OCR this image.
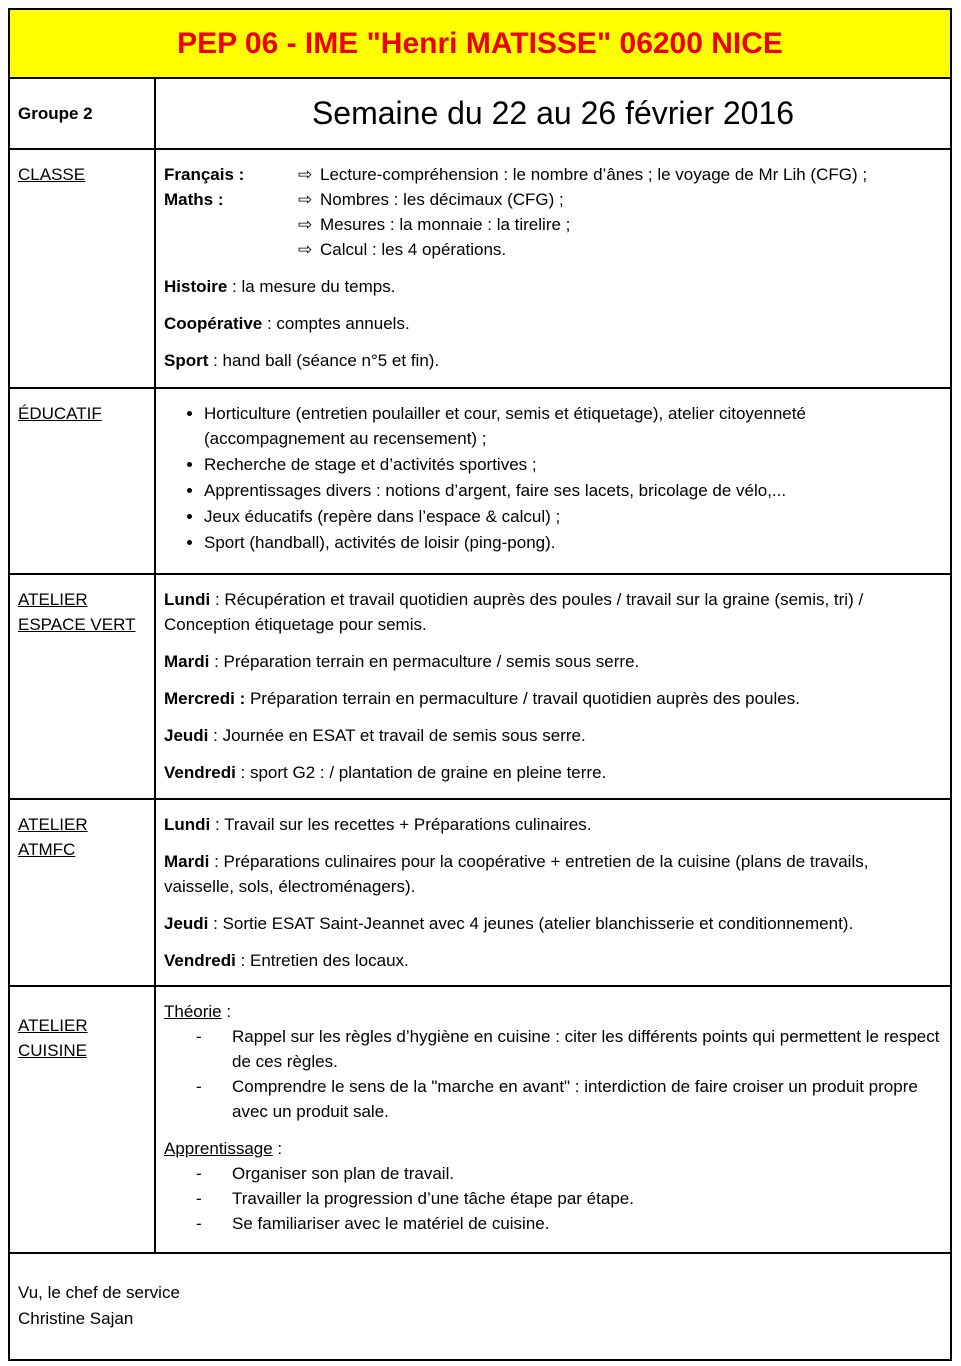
PEP 06 - IME "Henri MATISSE" 06200 NICE
Groupe 2	Semaine du 22 au 26 février 2016
CLASSE	Français :
Maths :
⇨ Lecture-compréhension : le nombre d’ânes ; le voyage de Mr Lih (CFG) ;
⇨ Nombres : les décimaux (CFG) ;
⇨ Mesures : la monnaie : la tirelire ;
⇨ Calcul : les 4 opérations.

Histoire : la mesure du temps.

Coopérative : comptes annuels.

Sport : hand ball (séance n°5 et fin).

ÉDUCATIF
•	Horticulture (entretien poulailler et cour, semis et étiquetage), atelier citoyenneté (accompagnement au recensement) ;
• Recherche de stage et d’activités sportives ;
• Apprentissages divers : notions d’argent, faire ses lacets, bricolage de vélo,...
• Jeux éducatifs (repère dans l’espace & calcul) ;
• Sport (handball), activités de loisir (ping-pong).
ATELIER
ESPACE VERT

Lundi : Récupération et travail quotidien auprès des poules / travail sur la graine (semis, tri) / Conception étiquetage pour semis.

Mardi : Préparation terrain en permaculture / semis sous serre.

Mercredi : Préparation terrain en permaculture / travail quotidien auprès des poules.

Jeudi : Journée en ESAT et travail de semis sous serre.

Vendredi : sport G2 : / plantation de graine en pleine terre.

ATELIER
ATMFC

Lundi : Travail sur les recettes + Préparations culinaires.

Mardi : Préparations culinaires pour la coopérative + entretien de la cuisine (plans de travails, vaisselle, sols, électroménagers).

Jeudi : Sortie ESAT Saint-Jeannet avec 4 jeunes (atelier blanchisserie et conditionnement).

Vendredi : Entretien des locaux.

ATELIER
CUISINE
Théorie :
- Rappel sur les règles d’hygiène en cuisine : citer les différents points qui permettent le respect de ces règles.
- Comprendre le sens de la "marche en avant" : interdiction de faire croiser un produit propre avec un produit sale.
Apprentissage :
- Organiser son plan de travail.
- Travailler la progression d’une tâche étape par étape.
- Se familiariser avec le matériel de cuisine.
Vu, le chef de service
Christine Sajan
